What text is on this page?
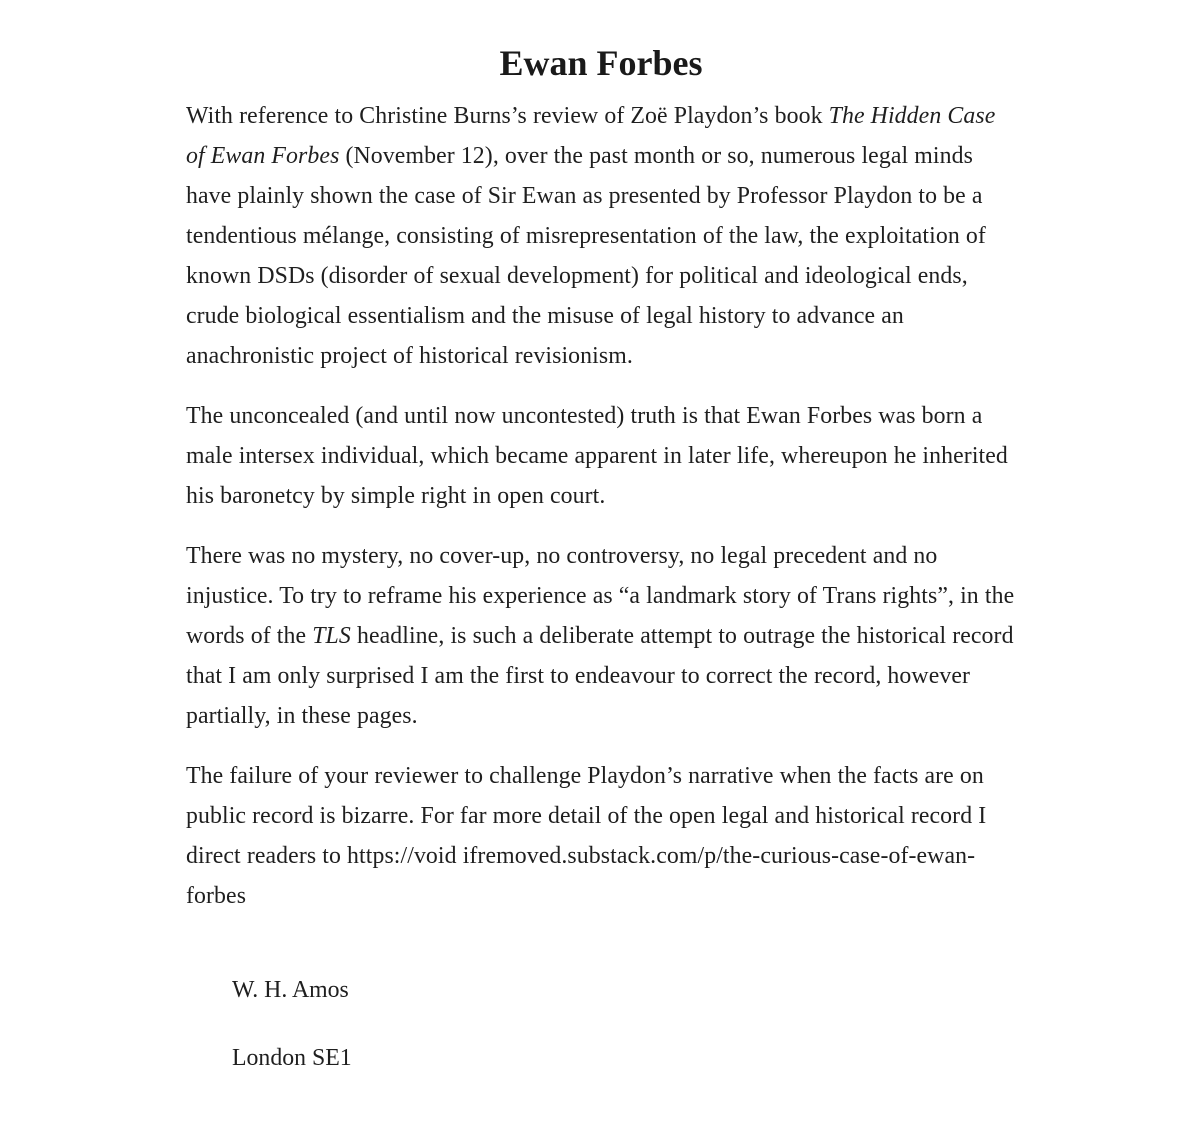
Ewan Forbes

With reference to Christine Burns’s review of Zoë Playdon’s book The Hidden Case of Ewan Forbes (November 12), over the past month or so, numerous legal minds have plainly shown the case of Sir Ewan as presented by Professor Playdon to be a tendentious mélange, consisting of misrepresentation of the law, the exploitation of known DSDs (disorder of sexual development) for political and ideological ends, crude biological essentialism and the misuse of legal history to advance an anachronistic project of historical revisionism.

The unconcealed (and until now uncontested) truth is that Ewan Forbes was born a male intersex individual, which became apparent in later life, whereupon he inherited his baronetcy by simple right in open court.

There was no mystery, no cover-up, no controversy, no legal precedent and no injustice. To try to reframe his experience as “a landmark story of Trans rights”, in the words of the TLS headline, is such a deliberate attempt to outrage the historical record that I am only surprised I am the first to endeavour to correct the record, however partially, in these pages.

The failure of your reviewer to challenge Playdon’s narrative when the facts are on public record is bizarre. For far more detail of the open legal and historical record I direct readers to https://void ifremoved.substack.com/p/the-curious-case-of-ewan-forbes

W. H. Amos

London SE1
